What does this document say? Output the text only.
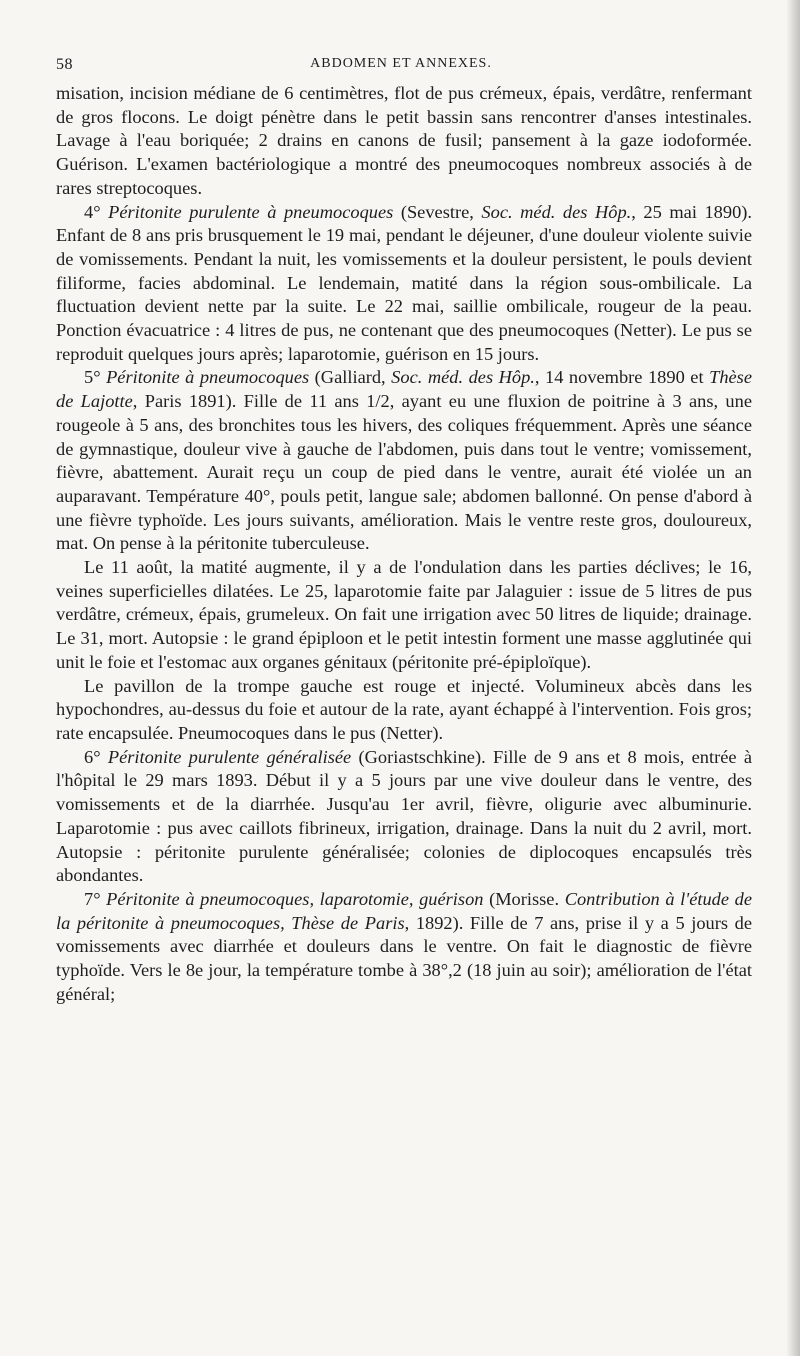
58	ABDOMEN ET ANNEXES.

misation, incision médiane de 6 centimètres, flot de pus crémeux, épais, verdâtre, renfermant de gros flocons. Le doigt pénètre dans le petit bassin sans rencontrer d'anses intestinales. Lavage à l'eau boriquée; 2 drains en canons de fusil; pansement à la gaze iodoformée. Guérison. L'examen bactériologique a montré des pneumocoques nombreux associés à de rares streptocoques.

4° Péritonite purulente à pneumocoques (Sevestre, Soc. méd. des Hôp., 25 mai 1890). Enfant de 8 ans pris brusquement le 19 mai, pendant le déjeuner, d'une douleur violente suivie de vomissements. Pendant la nuit, les vomissements et la douleur persistent, le pouls devient filiforme, facies abdominal. Le lendemain, matité dans la région sous-ombilicale. La fluctuation devient nette par la suite. Le 22 mai, saillie ombilicale, rougeur de la peau. Ponction évacuatrice : 4 litres de pus, ne contenant que des pneumocoques (Netter). Le pus se reproduit quelques jours après; laparotomie, guérison en 15 jours.

5° Péritonite à pneumocoques (Galliard, Soc. méd. des Hôp., 14 novembre 1890 et Thèse de Lajotte, Paris 1891). Fille de 11 ans 1/2, ayant eu une fluxion de poitrine à 3 ans, une rougeole à 5 ans, des bronchites tous les hivers, des coliques fréquemment. Après une séance de gymnastique, douleur vive à gauche de l'abdomen, puis dans tout le ventre; vomissement, fièvre, abattement. Aurait reçu un coup de pied dans le ventre, aurait été violée un an auparavant. Température 40°, pouls petit, langue sale; abdomen ballonné. On pense d'abord à une fièvre typhoïde. Les jours suivants, amélioration. Mais le ventre reste gros, douloureux, mat. On pense à la péritonite tuberculeuse.

Le 11 août, la matité augmente, il y a de l'ondulation dans les parties déclives; le 16, veines superficielles dilatées. Le 25, laparotomie faite par Jalaguier : issue de 5 litres de pus verdâtre, crémeux, épais, grumeleux. On fait une irrigation avec 50 litres de liquide; drainage. Le 31, mort. Autopsie : le grand épiploon et le petit intestin forment une masse agglutinée qui unit le foie et l'estomac aux organes génitaux (péritonite pré-épiploïque).

Le pavillon de la trompe gauche est rouge et injecté. Volumineux abcès dans les hypochondres, au-dessus du foie et autour de la rate, ayant échappé à l'intervention. Fois gros; rate encapsulée. Pneumocoques dans le pus (Netter).

6° Péritonite purulente généralisée (Goriastschkine). Fille de 9 ans et 8 mois, entrée à l'hôpital le 29 mars 1893. Début il y a 5 jours par une vive douleur dans le ventre, des vomissements et de la diarrhée. Jusqu'au 1er avril, fièvre, oligurie avec albuminurie. Laparotomie : pus avec caillots fibrineux, irrigation, drainage. Dans la nuit du 2 avril, mort. Autopsie : péritonite purulente généralisée; colonies de diplocoques encapsulés très abondantes.

7° Péritonite à pneumocoques, laparotomie, guérison (Morisse. Contribution à l'étude de la péritonite à pneumocoques, Thèse de Paris, 1892). Fille de 7 ans, prise il y a 5 jours de vomissements avec diarrhée et douleurs dans le ventre. On fait le diagnostic de fièvre typhoïde. Vers le 8e jour, la température tombe à 38°,2 (18 juin au soir); amélioration de l'état général;
